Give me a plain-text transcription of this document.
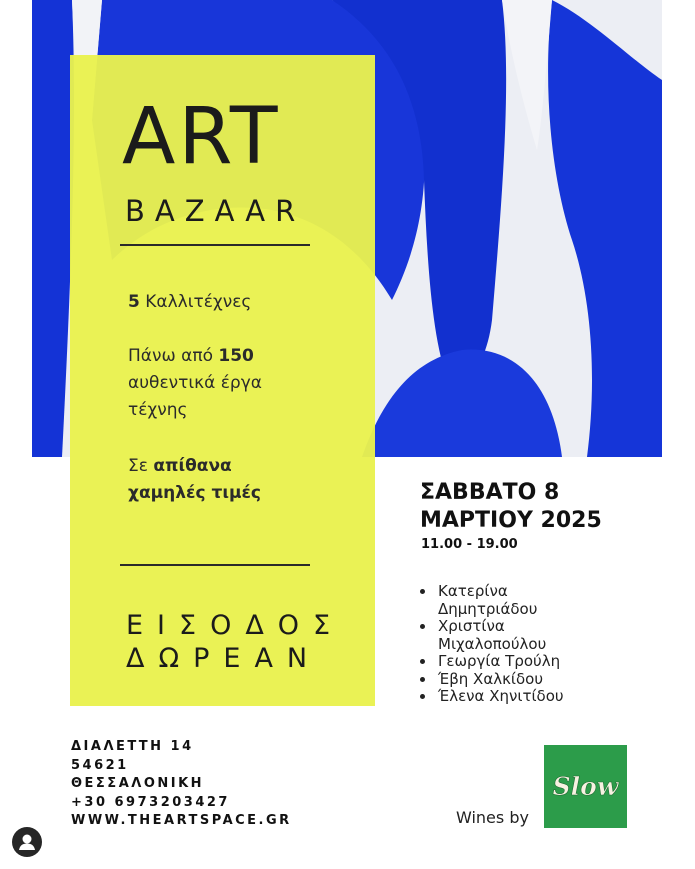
ART
BAZAAR
5 Καλλιτέχνες
Πάνω από 150
αυθεντικά έργα
τέχνης
Σε απίθανα
χαμηλές τιμές
ΕΙΣΟΔΟΣ
ΔΩΡΕΑΝ
ΣΑΒΒΑΤΟ 8
ΜΑΡΤΙΟΥ 2025
11.00 - 19.00
• Κατερίνα Δημητριάδου
• Χριστίνα Μιχαλοπούλου
• Γεωργία Τρούλη
• Έβη Χαλκίδου
• Έλενα Χηνιτίδου
ΔΙΑΛΕΤΤΗ 14
54621
ΘΕΣΣΑΛΟΝΙΚΗ
+30 6973203427
WWW.THEARTSPACE.GR	Wines by
Slow
